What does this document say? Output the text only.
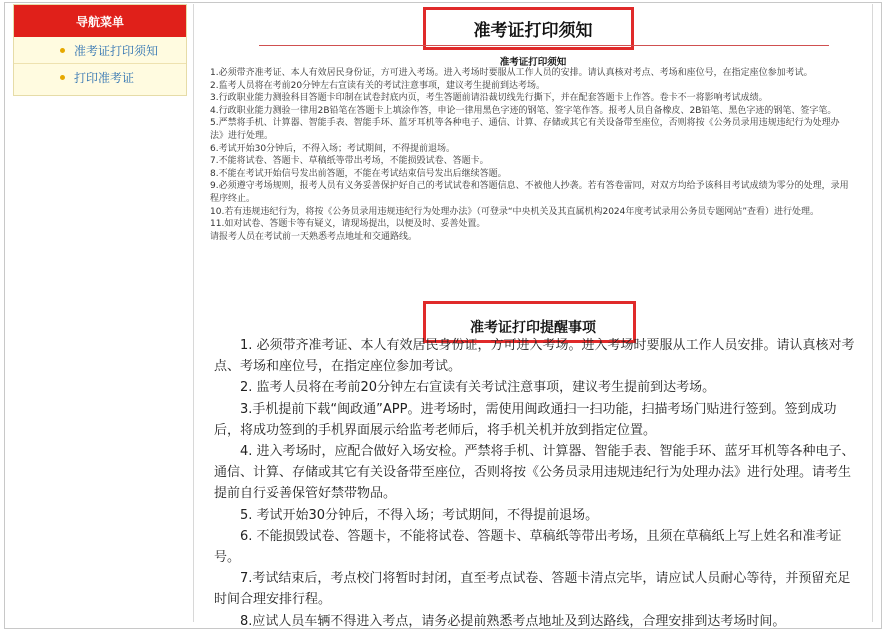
导航菜单
准考证打印须知
打印准考证
准考证打印须知
准考证打印须知

1.必须带齐准考证、本人有效居民身份证，方可进入考场。进入考场时要服从工作人员的安排。请认真核对考点、考场和座位号，在指定座位参加考试。

2.监考人员将在考前20分钟左右宣读有关的考试注意事项，建议考生提前到达考场。

3.行政职业能力测验科目答题卡印制在试卷封底内页，考生答题前请沿裁切线先行撕下，并在配套答题卡上作答。卷卡不一将影响考试成绩。

4.行政职业能力测验一律用2B铅笔在答题卡上填涂作答，申论一律用黑色字迹的钢笔、签字笔作答。报考人员自备橡皮、2B铅笔、黑色字迹的钢笔、签字笔。

5.严禁将手机、计算器、智能手表、智能手环、蓝牙耳机等各种电子、通信、计算、存储或其它有关设备带至座位，否则将按《公务员录用违规违纪行为处理办法》进行处理。

6.考试开始30分钟后，不得入场；考试期间，不得提前退场。

7.不能将试卷、答题卡、草稿纸等带出考场，不能损毁试卷、答题卡。

8.不能在考试开始信号发出前答题，不能在考试结束信号发出后继续答题。

9.必须遵守考场规则，报考人员有义务妥善保护好自己的考试试卷和答题信息、不被他人抄袭。若有答卷雷同，对双方均给予该科目考试成绩为零分的处理，录用程序终止。

10.若有违规违纪行为，将按《公务员录用违规违纪行为处理办法》（可登录“中央机关及其直属机构2024年度考试录用公务员专题网站”查看）进行处理。

11.如对试卷、答题卡等有疑义，请现场提出，以便及时、妥善处置。

请报考人员在考试前一天熟悉考点地址和交通路线。

准考证打印提醒事项

1. 必须带齐准考证、本人有效居民身份证，方可进入考场。进入考场时要服从工作人员安排。请认真核对考点、考场和座位号，在指定座位参加考试。

2. 监考人员将在考前20分钟左右宣读有关考试注意事项，建议考生提前到达考场。

3.手机提前下载“闽政通”APP。进考场时，需使用闽政通扫一扫功能，扫描考场门贴进行签到。签到成功后，将成功签到的手机界面展示给监考老师后，将手机关机并放到指定位置。

4. 进入考场时，应配合做好入场安检。严禁将手机、计算器、智能手表、智能手环、蓝牙耳机等各种电子、通信、计算、存储或其它有关设备带至座位，否则将按《公务员录用违规违纪行为处理办法》进行处理。请考生提前自行妥善保管好禁带物品。

5. 考试开始30分钟后，不得入场；考试期间，不得提前退场。

6. 不能损毁试卷、答题卡，不能将试卷、答题卡、草稿纸等带出考场，且须在草稿纸上写上姓名和准考证号。

7.考试结束后，考点校门将暂时封闭，直至考点试卷、答题卡清点完毕，请应试人员耐心等待，并预留充足时间合理安排行程。

8.应试人员车辆不得进入考点，请务必提前熟悉考点地址及到达路线，合理安排到达考场时间。
